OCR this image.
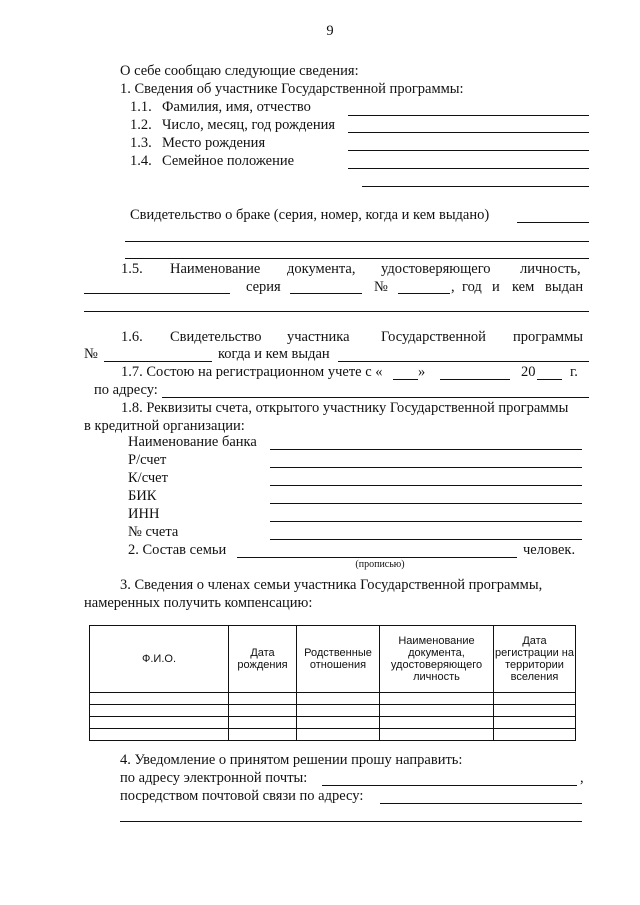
9
О себе сообщаю следующие сведения:
1. Сведения об участнике Государственной программы:
1.1. Фамилия, имя, отчество
1.2. Число, месяц, год рождения
1.3. Место рождения
1.4. Семейное положение
Свидетельство о браке (серия, номер, когда и кем выдано)
1.5. Наименование документа, удостоверяющего личность,
серия	№	, год и кем выдан
1.6. Свидетельство участника Государственной программы
№	когда и кем выдан
1.7. Состою на регистрационном учете с « »	20 г.
по адресу:
1.8. Реквизиты счета, открытого участнику Государственной программы
в кредитной организации:
Наименование банка
Р/счет
К/счет
БИК
ИНН
№ счета
2. Состав семьи	человек.
(прописью)
3. Сведения о членах семьи участника Государственной программы,
намеренных получить компенсацию:
Ф.И.О.	Дата рождения	Родственные отношения	Наименование документа, удостоверяющего личность	Дата регистрации на территории вселения

4. Уведомление о принятом решении прошу направить:
по адресу электронной почты:	,
посредством почтовой связи по адресу:
